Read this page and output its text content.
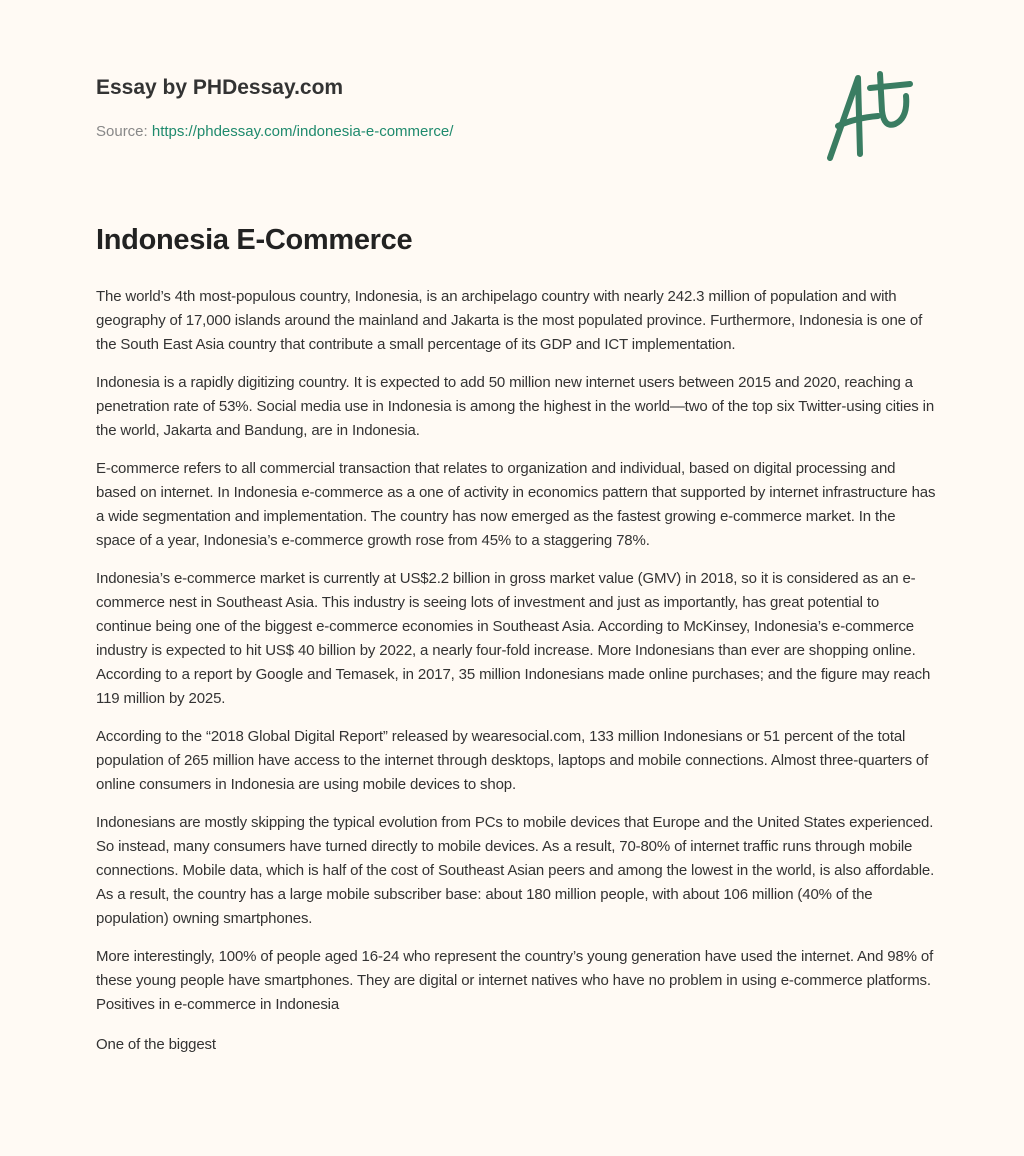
Essay by PHDessay.com
Source: https://phdessay.com/indonesia-e-commerce/
Indonesia E-Commerce

The world’s 4th most-populous country, Indonesia, is an archipelago country with nearly 242.3 million of population and with geography of 17,000 islands around the mainland and Jakarta is the most populated province. Furthermore, Indonesia is one of the South East Asia country that contribute a small percentage of its GDP and ICT implementation.

Indonesia is a rapidly digitizing country. It is expected to add 50 million new internet users between 2015 and 2020, reaching a penetration rate of 53%. Social media use in Indonesia is among the highest in the world—two of the top six Twitter-using cities in the world, Jakarta and Bandung, are in Indonesia.

E-commerce refers to all commercial transaction that relates to organization and individual, based on digital processing and based on internet. In Indonesia e-commerce as a one of activity in economics pattern that supported by internet infrastructure has a wide segmentation and implementation. The country has now emerged as the fastest growing e-commerce market. In the space of a year, Indonesia’s e-commerce growth rose from 45% to a staggering 78%.

Indonesia’s e-commerce market is currently at US$2.2 billion in gross market value (GMV) in 2018, so it is considered as an e-commerce nest in Southeast Asia. This industry is seeing lots of investment and just as importantly, has great potential to continue being one of the biggest e-commerce economies in Southeast Asia. According to McKinsey, Indonesia’s e-commerce industry is expected to hit US$ 40 billion by 2022, a nearly four-fold increase. More Indonesians than ever are shopping online. According to a report by Google and Temasek, in 2017, 35 million Indonesians made online purchases; and the figure may reach 119 million by 2025.

According to the “2018 Global Digital Report” released by wearesocial.com, 133 million Indonesians or 51 percent of the total population of 265 million have access to the internet through desktops, laptops and mobile connections. Almost three-quarters of online consumers in Indonesia are using mobile devices to shop.

Indonesians are mostly skipping the typical evolution from PCs to mobile devices that Europe and the United States experienced. So instead, many consumers have turned directly to mobile devices. As a result, 70-80% of internet traffic runs through mobile connections. Mobile data, which is half of the cost of Southeast Asian peers and among the lowest in the world, is also affordable. As a result, the country has a large mobile subscriber base: about 180 million people, with about 106 million (40% of the population) owning smartphones.

More interestingly, 100% of people aged 16-24 who represent the country’s young generation have used the internet. And 98% of these young people have smartphones. They are digital or internet natives who have no problem in using e-commerce platforms.

Positives in e-commerce in Indonesia

One of the biggest
